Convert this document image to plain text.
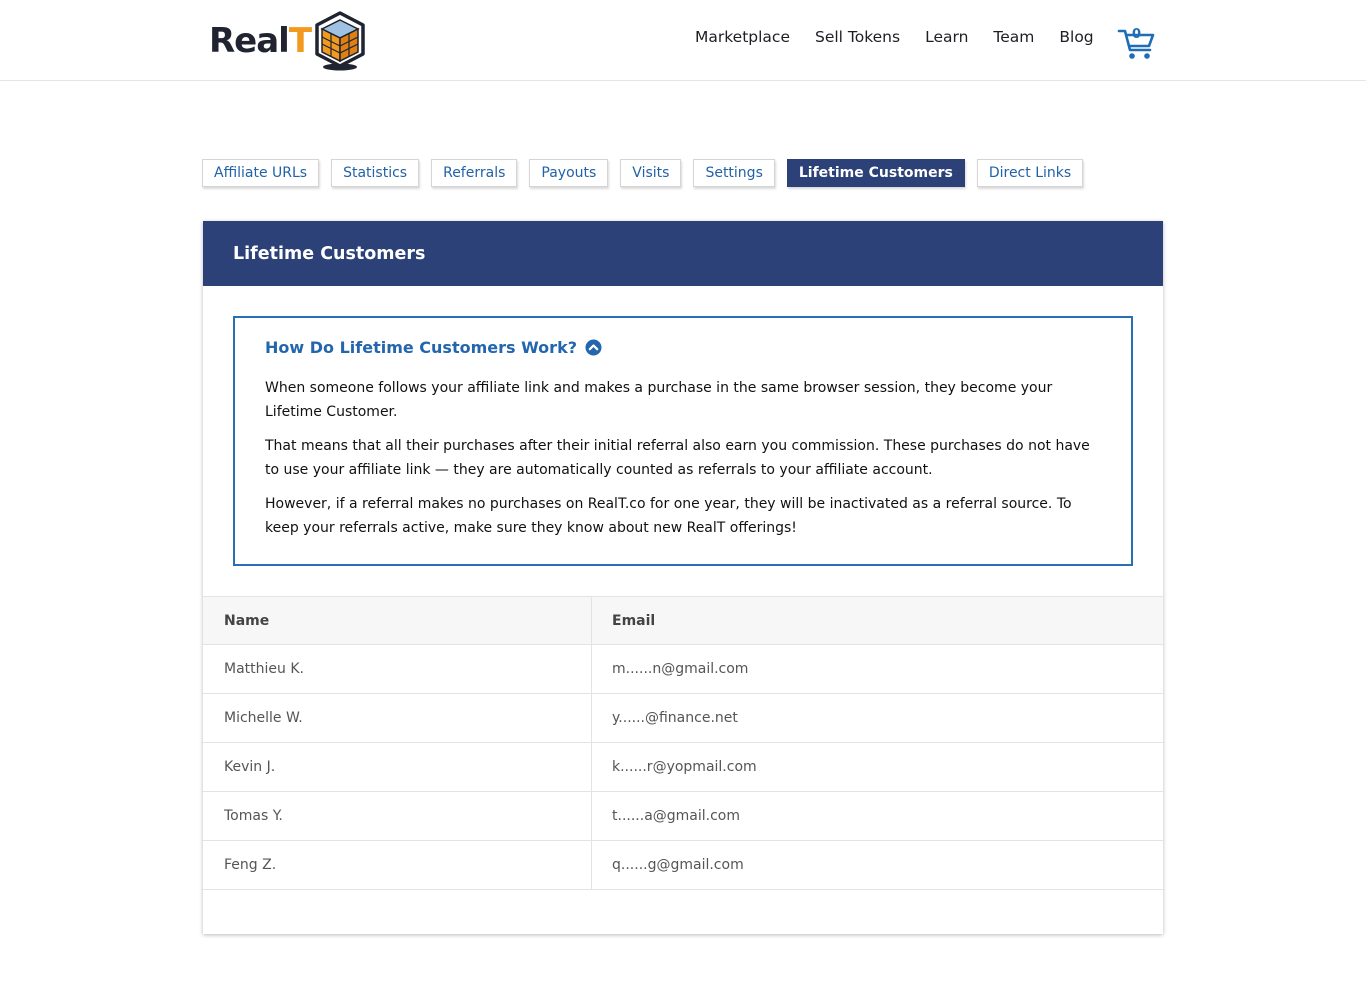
RealT	Marketplace Sell Tokens Learn Team Blog	0
Affiliate URLs	Statistics	Referrals	Payouts	Visits	Settings	Lifetime Customers	Direct Links
Lifetime Customers
How Do Lifetime Customers Work?

When someone follows your affiliate link and makes a purchase in the same browser session, they become your Lifetime Customer.

That means that all their purchases after their initial referral also earn you commission. These purchases do not have to use your affiliate link — they are automatically counted as referrals to your affiliate account.

However, if a referral makes no purchases on RealT.co for one year, they will be inactivated as a referral source. To keep your referrals active, make sure they know about new RealT offerings!

Name	Email
Matthieu K.	m......n@gmail.com
Michelle W.	y......@finance.net
Kevin J.	k......r@yopmail.com
Tomas Y.	t......a@gmail.com
Feng Z.	q......g@gmail.com
